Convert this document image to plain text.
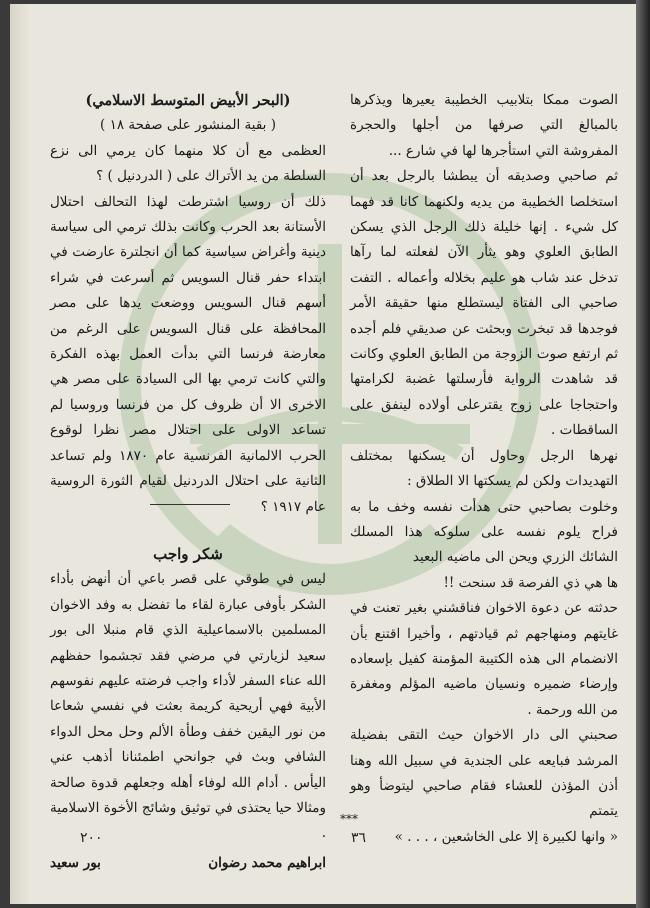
الصوت ممكا بتلابيب الخطيبة يعيرها ويذكرها بالمبالغ التي صرفها من أجلها والحجرة المفروشة التي استأجرها لها في شارع ...

ثم صاحبي وصديقه أن يبطشا بالرجل بعد أن استخلصا الخطيبة من يديه ولكنهما كانا قد فهما كل شيء . إنها خليلة ذلك الرجل الذي يسكن الطابق العلوي وهو يثأر الآن لفعلته لما رآها تدخل عند شاب هو عليم بخلاله وأعماله . التفت صاحبي الى الفتاة ليستطلع منها حقيقة الأمر فوجدها قد تبخرت وبحثت عن صديقي فلم أجده ثم ارتفع صوت الزوجة من الطابق العلوي وكانت قد شاهدت الرواية فأرسلتها غضبة لكرامتها واحتجاجا على زوج يقترعلى أولاده لينفق على الساقطات .

نهرها الرجل وحاول أن يسكنها بمختلف التهديدات ولكن لم يسكتها الا الطلاق :

وخلوت بصاحبي حتى هدأت نفسه وخف ما به فراح يلوم نفسه على سلوكه هذا المسلك الشائك الزري ويحن الى ماضيه البعيد

ها هي ذي الفرصة قد سنحت !!

حدثته عن دعوة الاخوان فناقشني بغير تعنت في غايتهم ومنهاجهم ثم قيادتهم ، وأخيرا اقتنع بأن الانضمام الى هذه الكتيبة المؤمنة كفيل بإسعاده وإرضاء ضميره ونسيان ماضيه المؤلم ومغفرة من الله ورحمة .

صحبني الى دار الاخوان حيث التقى بفضيلة المرشد فبايعه على الجندية في سبيل الله وهنا أذن المؤذن للعشاء فقام صاحبي ليتوضأ وهو يتمتم

« وانها لكبيرة إلا على الخاشعين ، . . . »

(البحر الأبيض المتوسط الاسلامي)

( بقية المنشور على صفحة ١٨ )

العظمى مع أن كلا منهما كان يرمي الى نزع السلطة من يد الأتراك على ( الدردنيل ) ؟

ذلك أن روسيا اشترطت لهذا التحالف احتلال الأستانة بعد الحرب وكانت بذلك ترمي الى سياسة دينية وأغراض سياسية كما أن انجلترة عارضت في ابتداء حفر قنال السويس ثم أسرعت في شراء أسهم قنال السويس ووضعت يدها على مصر المحافظة على قنال السويس على الرغم من معارضة فرنسا التي بدأت العمل بهذه الفكرة والتي كانت ترمي بها الى السيادة على مصر هي الاخرى الا أن ظروف كل من فرنسا وروسيا لم تساعد الاولى على احتلال مصر نظرا لوقوع الحرب الالمانية الفرنسية عام ١٨٧٠ ولم تساعد الثانية على احتلال الدردنيل لقيام الثورة الروسية عام ١٩١٧ ؟

شكر واجب

ليس في طوقي على قصر باعي أن أنهض بأداء الشكر بأوفى عبارة لقاء ما تفضل به وفد الاخوان المسلمين بالاسماعيلية الذي قام منبلا الى بور سعيد لزيارتي في مرضي فقد تجشموا حفظهم الله عناء السفر لأداء واجب فرضته عليهم نفوسهم الأبية فهي أريحية كريمة بعثت في نفسي شعاعا من نور اليقين خفف وطأة الألم وحل محل الدواء الشافي وبث في جوانحي اطمئنانا أذهب عني اليأس . أدام الله لوفاء أهله وجعلهم قدوة صالحة ومثالا حيا يحتذى في توثيق وشائج الأخوة الاسلامية .

ابراهيم محمد رضوان
بور سعيد
***
٣٦
٢٠٠
